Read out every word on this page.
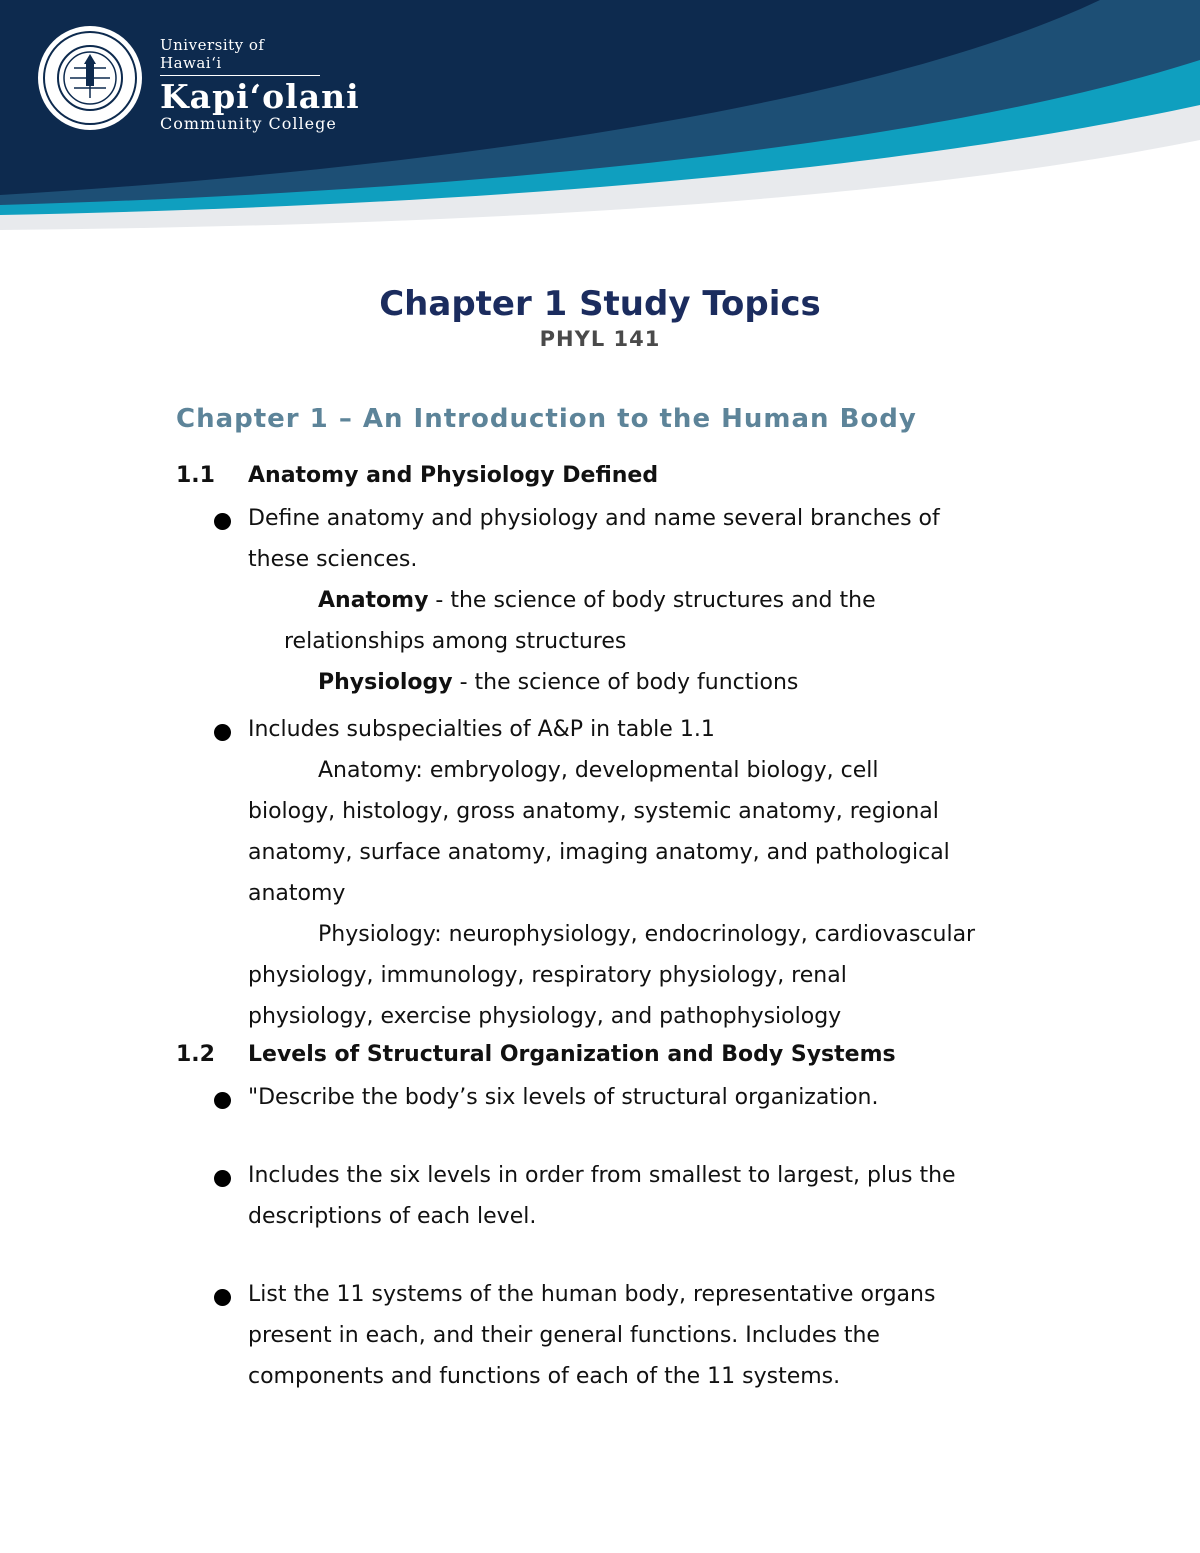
University of Hawaiʻi
Kapiʻolani
Community College
Chapter 1 Study Topics
PHYL 141
Chapter 1 – An Introduction to the Human Body
1.1 Anatomy and Physiology Defined
Define anatomy and physiology and name several branches of
these sciences.
Anatomy - the science of body structures and the
relationships among structures
Physiology - the science of body functions
Includes subspecialties of A&P in table 1.1
Anatomy: embryology, developmental biology, cell
biology, histology, gross anatomy, systemic anatomy, regional
anatomy, surface anatomy, imaging anatomy, and pathological
anatomy
Physiology: neurophysiology, endocrinology, cardiovascular
physiology, immunology, respiratory physiology, renal
physiology, exercise physiology, and pathophysiology
1.2 Levels of Structural Organization and Body Systems
"Describe the body’s six levels of structural organization.
Includes the six levels in order from smallest to largest, plus the
descriptions of each level.
List the 11 systems of the human body, representative organs
present in each, and their general functions. Includes the
components and functions of each of the 11 systems.
